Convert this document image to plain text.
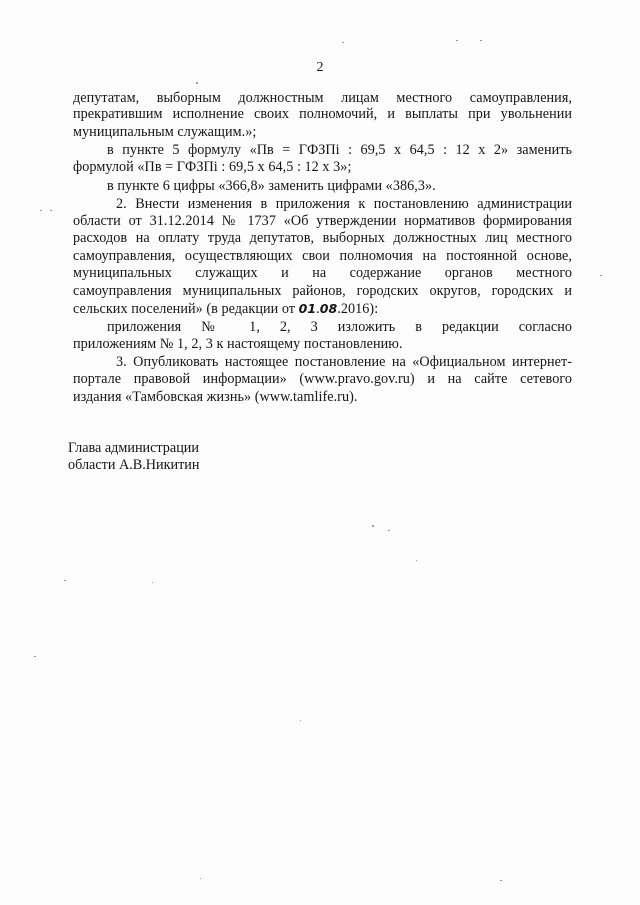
2
депутатам, выборным должностным лицам местного самоуправления,
прекратившим исполнение своих полномочий, и выплаты при увольнении
муниципальным служащим.»;
в пункте 5 формулу «Пв = ГФЗПi : 69,5 х 64,5 : 12 х 2» заменить
формулой «Пв = ГФЗПi : 69,5 х 64,5 : 12 х 3»;
в пункте 6 цифры «366,8» заменить цифрами «386,3».
2. Внести изменения в приложения к постановлению администрации
области от 31.12.2014 № 1737 «Об утверждении нормативов формирования
расходов на оплату труда депутатов, выборных должностных лиц местного
самоуправления, осуществляющих свои полномочия на постоянной основе,
муниципальных служащих и на содержание органов местного
самоуправления муниципальных районов, городских округов, городских и
сельских поселений» (в редакции от 01.08.2016):
приложения № 1, 2, 3 изложить в редакции согласно
приложениям № 1, 2, 3 к настоящему постановлению.
3. Опубликовать настоящее постановление на «Официальном интернет-
портале правовой информации» (www.pravo.gov.ru) и на сайте сетевого
издания «Тамбовская жизнь» (www.tamlife.ru).
Глава администрации
области А.В.Никитин
